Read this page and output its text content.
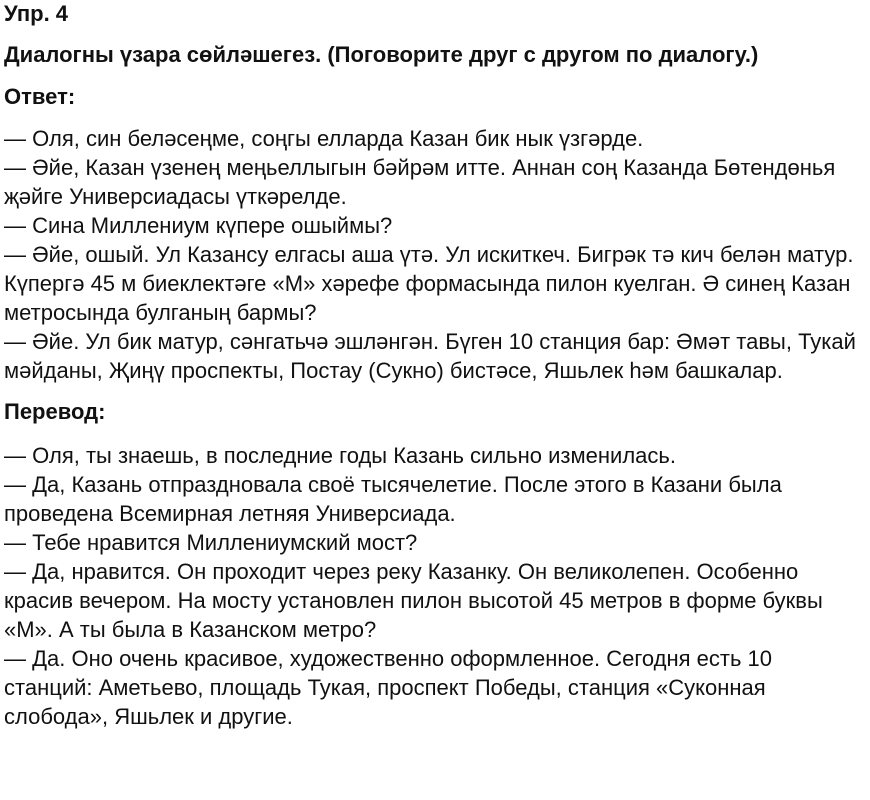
Упр. 4

Диалогны үзара сөйләшегез. (Поговорите друг с другом по диалогу.)

Ответ:
— Оля, син беләсеңме, соңгы елларда Казан бик нык үзгәрде.
— Әйе, Казан үзенең меңьеллыгын бәйрәм итте. Аннан соң Казанда Бөтендөнья җәйге Универсиадасы үткәрелде.
— Сина Миллениум күпере ошыймы?
— Әйе, ошый. Ул Казансу елгасы аша үтә. Ул искиткеч. Бигрәк тә кич белән матур. Күпергә 45 м биеклектәге «М» хәрефе формасында пилон куелган. Ә синең Казан метросында булганың бармы?
— Әйе. Ул бик матур, сәнгатьчә эшләнгән. Бүген 10 станция бар: Әмәт тавы, Тукай мәйданы, Җиңү проспекты, Постау (Сукно) бистәсе, Яшьлек һәм башкалар.
Перевод:
— Оля, ты знаешь, в последние годы Казань сильно изменилась.
— Да, Казань отпраздновала своё тысячелетие. После этого в Казани была проведена Всемирная летняя Универсиада.
— Тебе нравится Миллениумский мост?
— Да, нравится. Он проходит через реку Казанку. Он великолепен. Особенно красив вечером. На мосту установлен пилон высотой 45 метров в форме буквы «М». А ты была в Казанском метро?
— Да. Оно очень красивое, художественно оформленное. Сегодня есть 10 станций: Аметьево, площадь Тукая, проспект Победы, станция «Суконная слобода», Яшьлек и другие.
